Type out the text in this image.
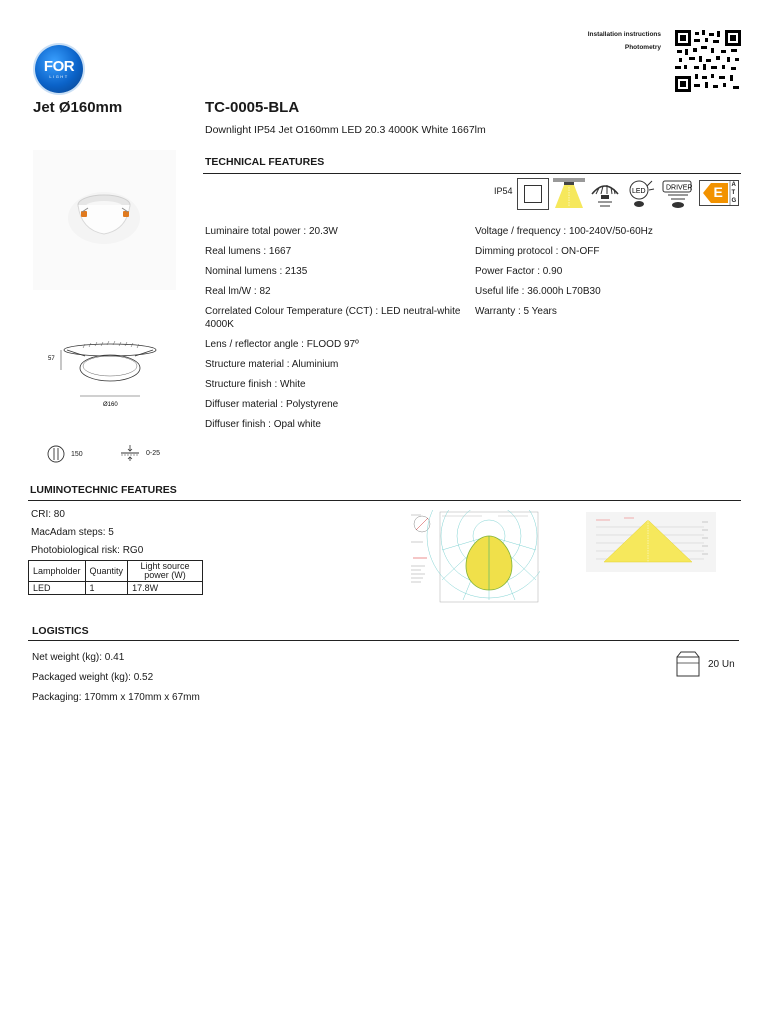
FOR
LIGHT
Installation instructions
Photometry
Jet Ø160mm	TC-0005-BLA
Downlight IP54 Jet O160mm LED 20.3 4000K White 1667lm
57
Ø160
150	0-25
TECHNICAL FEATURES
IP54	LED	DRIVER E A
T
G
Luminaire total power : 20.3W
Real lumens : 1667
Nominal lumens : 2135
Real lm/W : 82
Correlated Colour Temperature (CCT) : LED neutral-white 4000K
Lens / reflector angle : FLOOD 97º
Structure material : Aluminium
Structure finish : White
Diffuser material : Polystyrene
Diffuser finish : Opal white
Voltage / frequency : 100-240V/50-60Hz
Dimming protocol : ON-OFF
Power Factor : 0.90
Useful life : 36.000h L70B30
Warranty : 5 Years
LUMINOTECHNIC FEATURES
CRI: 80
MacAdam steps: 5
Photobiological risk: RG0
Lampholder	Quantity	Light source power (W)
LED	1	17.8W
LOGISTICS
Net weight (kg): 0.41
Packaged weight (kg): 0.52
Packaging: 170mm x 170mm x 67mm
20 Un
